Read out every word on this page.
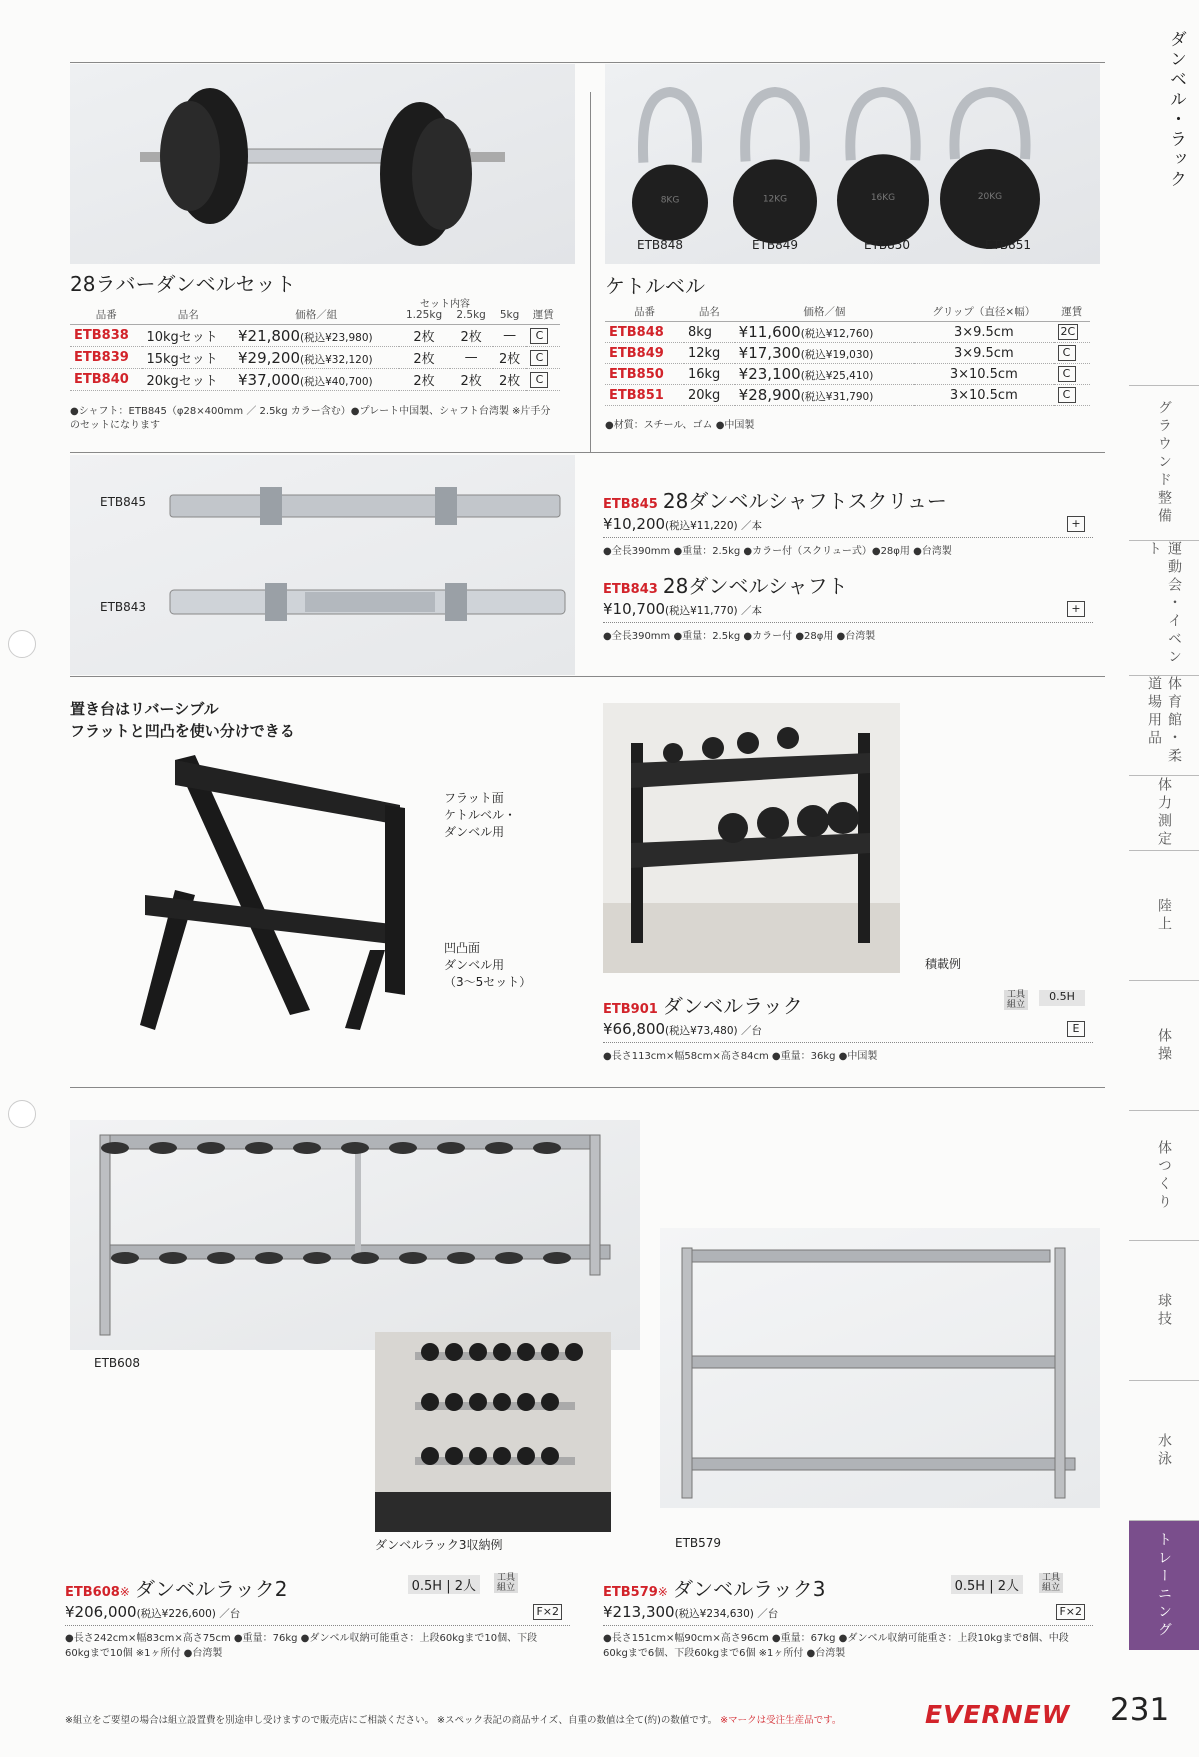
ダンベル・ラック
グラウンド整備
運動会・イベント
体育館・柔道場用品
体力測定
陸上
体操
体つくり
球技
水泳
トレーニング
28ラバーダンベルセット
セット内容
品番	品名	価格／組	1.25kg	2.5kg	5kg	運賃
ETB838	10kgセット	¥21,800(税込¥23,980)	2枚	2枚	—	C
ETB839	15kgセット	¥29,200(税込¥32,120)	2枚	—	2枚	C
ETB840	20kgセット	¥37,000(税込¥40,700)	2枚	2枚	2枚	C
●シャフト：ETB845（φ28×400mm ／ 2.5kg カラー含む）●プレート中国製、シャフト台湾製 ※片手分
のセットになります
8KG	12KG	16KG	20KG
ETB848	ETB849	ETB850	ETB851
ケトルベル
品番	品名	価格／個	グリップ（直径×幅）	運賃
ETB848	8kg	¥11,600(税込¥12,760)	3×9.5cm	2C
ETB849	12kg	¥17,300(税込¥19,030)	3×9.5cm	C
ETB850	16kg	¥23,100(税込¥25,410)	3×10.5cm	C
ETB851	20kg	¥28,900(税込¥31,790)	3×10.5cm	C
●材質：スチール、ゴム ●中国製
ETB845
ETB843
ETB845 28ダンベルシャフトスクリュー
¥10,200(税込¥11,220) ／本	+
●全長390mm ●重量：2.5kg ●カラー付（スクリュー式）●28φ用 ●台湾製
ETB843 28ダンベルシャフト
¥10,700(税込¥11,770) ／本	+
●全長390mm ●重量：2.5kg ●カラー付 ●28φ用 ●台湾製
置き台はリバーシブル
フラットと凹凸を使い分けできる
フラット面
ケトルベル・
ダンベル用
凹凸面
ダンベル用
（3〜5セット）
積載例
ETB901 ダンベルラック	工具組立
0.5H
¥66,800(税込¥73,480) ／台	E
●長さ113cm×幅58cm×高さ84cm ●重量：36kg ●中国製
ETB608
ダンベルラック3収納例	ETB579
ETB608※ ダンベルラック2	0.5H | 2人
工具組立
¥206,000(税込¥226,600) ／台	F×2
●長さ242cm×幅83cm×高さ75cm ●重量：76kg ●ダンベル収納可能重さ：上段60kgまで10個、下段
60kgまで10個 ※1ヶ所付 ●台湾製
ETB579※ ダンベルラック3	0.5H | 2人
工具組立
¥213,300(税込¥234,630) ／台	F×2
●長さ151cm×幅90cm×高さ96cm ●重量：67kg ●ダンベル収納可能重さ：上段10kgまで8個、中段
60kgまで6個、下段60kgまで6個 ※1ヶ所付 ●台湾製
※組立をご要望の場合は組立設置費を別途申し受けますので販売店にご相談ください。 ※スペック表記の商品サイズ、自重の数値は全て(約)の数値です。 ※マークは受注生産品です。	EVERNEW 231
